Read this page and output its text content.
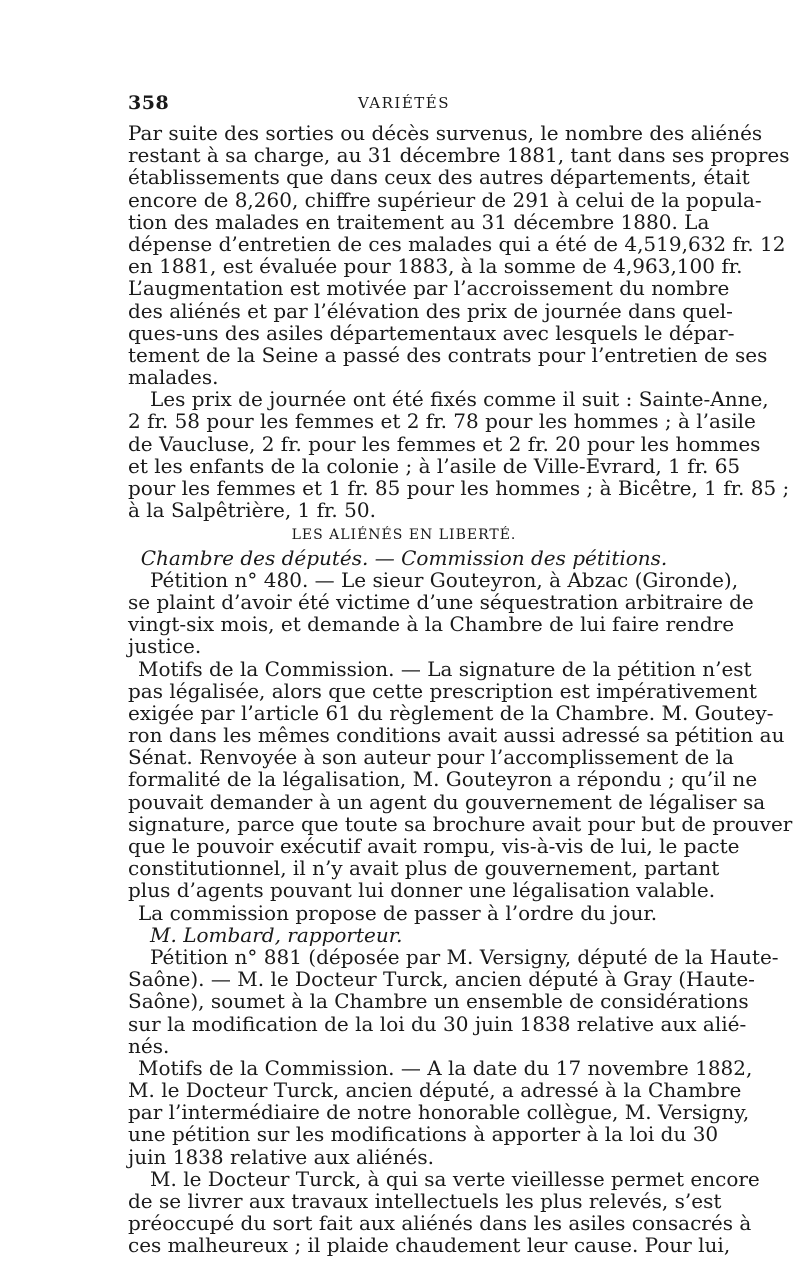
358	VARIÉTÉS
Par suite des sorties ou décès survenus, le nombre des aliénés
restant à sa charge, au 31 décembre 1881, tant dans ses propres
établissements que dans ceux des autres départements, était
encore de 8,260, chiffre supérieur de 291 à celui de la popula-
tion des malades en traitement au 31 décembre 1880. La
dépense d’entretien de ces malades qui a été de 4,519,632 fr. 12
en 1881, est évaluée pour 1883, à la somme de 4,963,100 fr.
L’augmentation est motivée par l’accroissement du nombre
des aliénés et par l’élévation des prix de journée dans quel-
ques-uns des asiles départementaux avec lesquels le dépar-
tement de la Seine a passé des contrats pour l’entretien de ses
malades.
Les prix de journée ont été fixés comme il suit : Sainte-Anne,
2 fr. 58 pour les femmes et 2 fr. 78 pour les hommes ; à l’asile
de Vaucluse, 2 fr. pour les femmes et 2 fr. 20 pour les hommes
et les enfants de la colonie ; à l’asile de Ville-Evrard, 1 fr. 65
pour les femmes et 1 fr. 85 pour les hommes ; à Bicêtre, 1 fr. 85 ;
à la Salpêtrière, 1 fr. 50.
LES ALIÉNÉS EN LIBERTÉ.
Chambre des députés. — Commission des pétitions.
Pétition n° 480. — Le sieur Gouteyron, à Abzac (Gironde),
se plaint d’avoir été victime d’une séquestration arbitraire de
vingt-six mois, et demande à la Chambre de lui faire rendre
justice.
Motifs de la Commission. — La signature de la pétition n’est
pas légalisée, alors que cette prescription est impérativement
exigée par l’article 61 du règlement de la Chambre. M. Goutey-
ron dans les mêmes conditions avait aussi adressé sa pétition au
Sénat. Renvoyée à son auteur pour l’accomplissement de la
formalité de la légalisation, M. Gouteyron a répondu ; qu’il ne
pouvait demander à un agent du gouvernement de légaliser sa
signature, parce que toute sa brochure avait pour but de prouver
que le pouvoir exécutif avait rompu, vis-à-vis de lui, le pacte
constitutionnel, il n’y avait plus de gouvernement, partant
plus d’agents pouvant lui donner une légalisation valable.
La commission propose de passer à l’ordre du jour.
M. Lombard, rapporteur.
Pétition n° 881 (déposée par M. Versigny, député de la Haute-
Saône). — M. le Docteur Turck, ancien député à Gray (Haute-
Saône), soumet à la Chambre un ensemble de considérations
sur la modification de la loi du 30 juin 1838 relative aux alié-
nés.
Motifs de la Commission. — A la date du 17 novembre 1882,
M. le Docteur Turck, ancien député, a adressé à la Chambre
par l’intermédiaire de notre honorable collègue, M. Versigny,
une pétition sur les modifications à apporter à la loi du 30
juin 1838 relative aux aliénés.
M. le Docteur Turck, à qui sa verte vieillesse permet encore
de se livrer aux travaux intellectuels les plus relevés, s’est
préoccupé du sort fait aux aliénés dans les asiles consacrés à
ces malheureux ; il plaide chaudement leur cause. Pour lui,
